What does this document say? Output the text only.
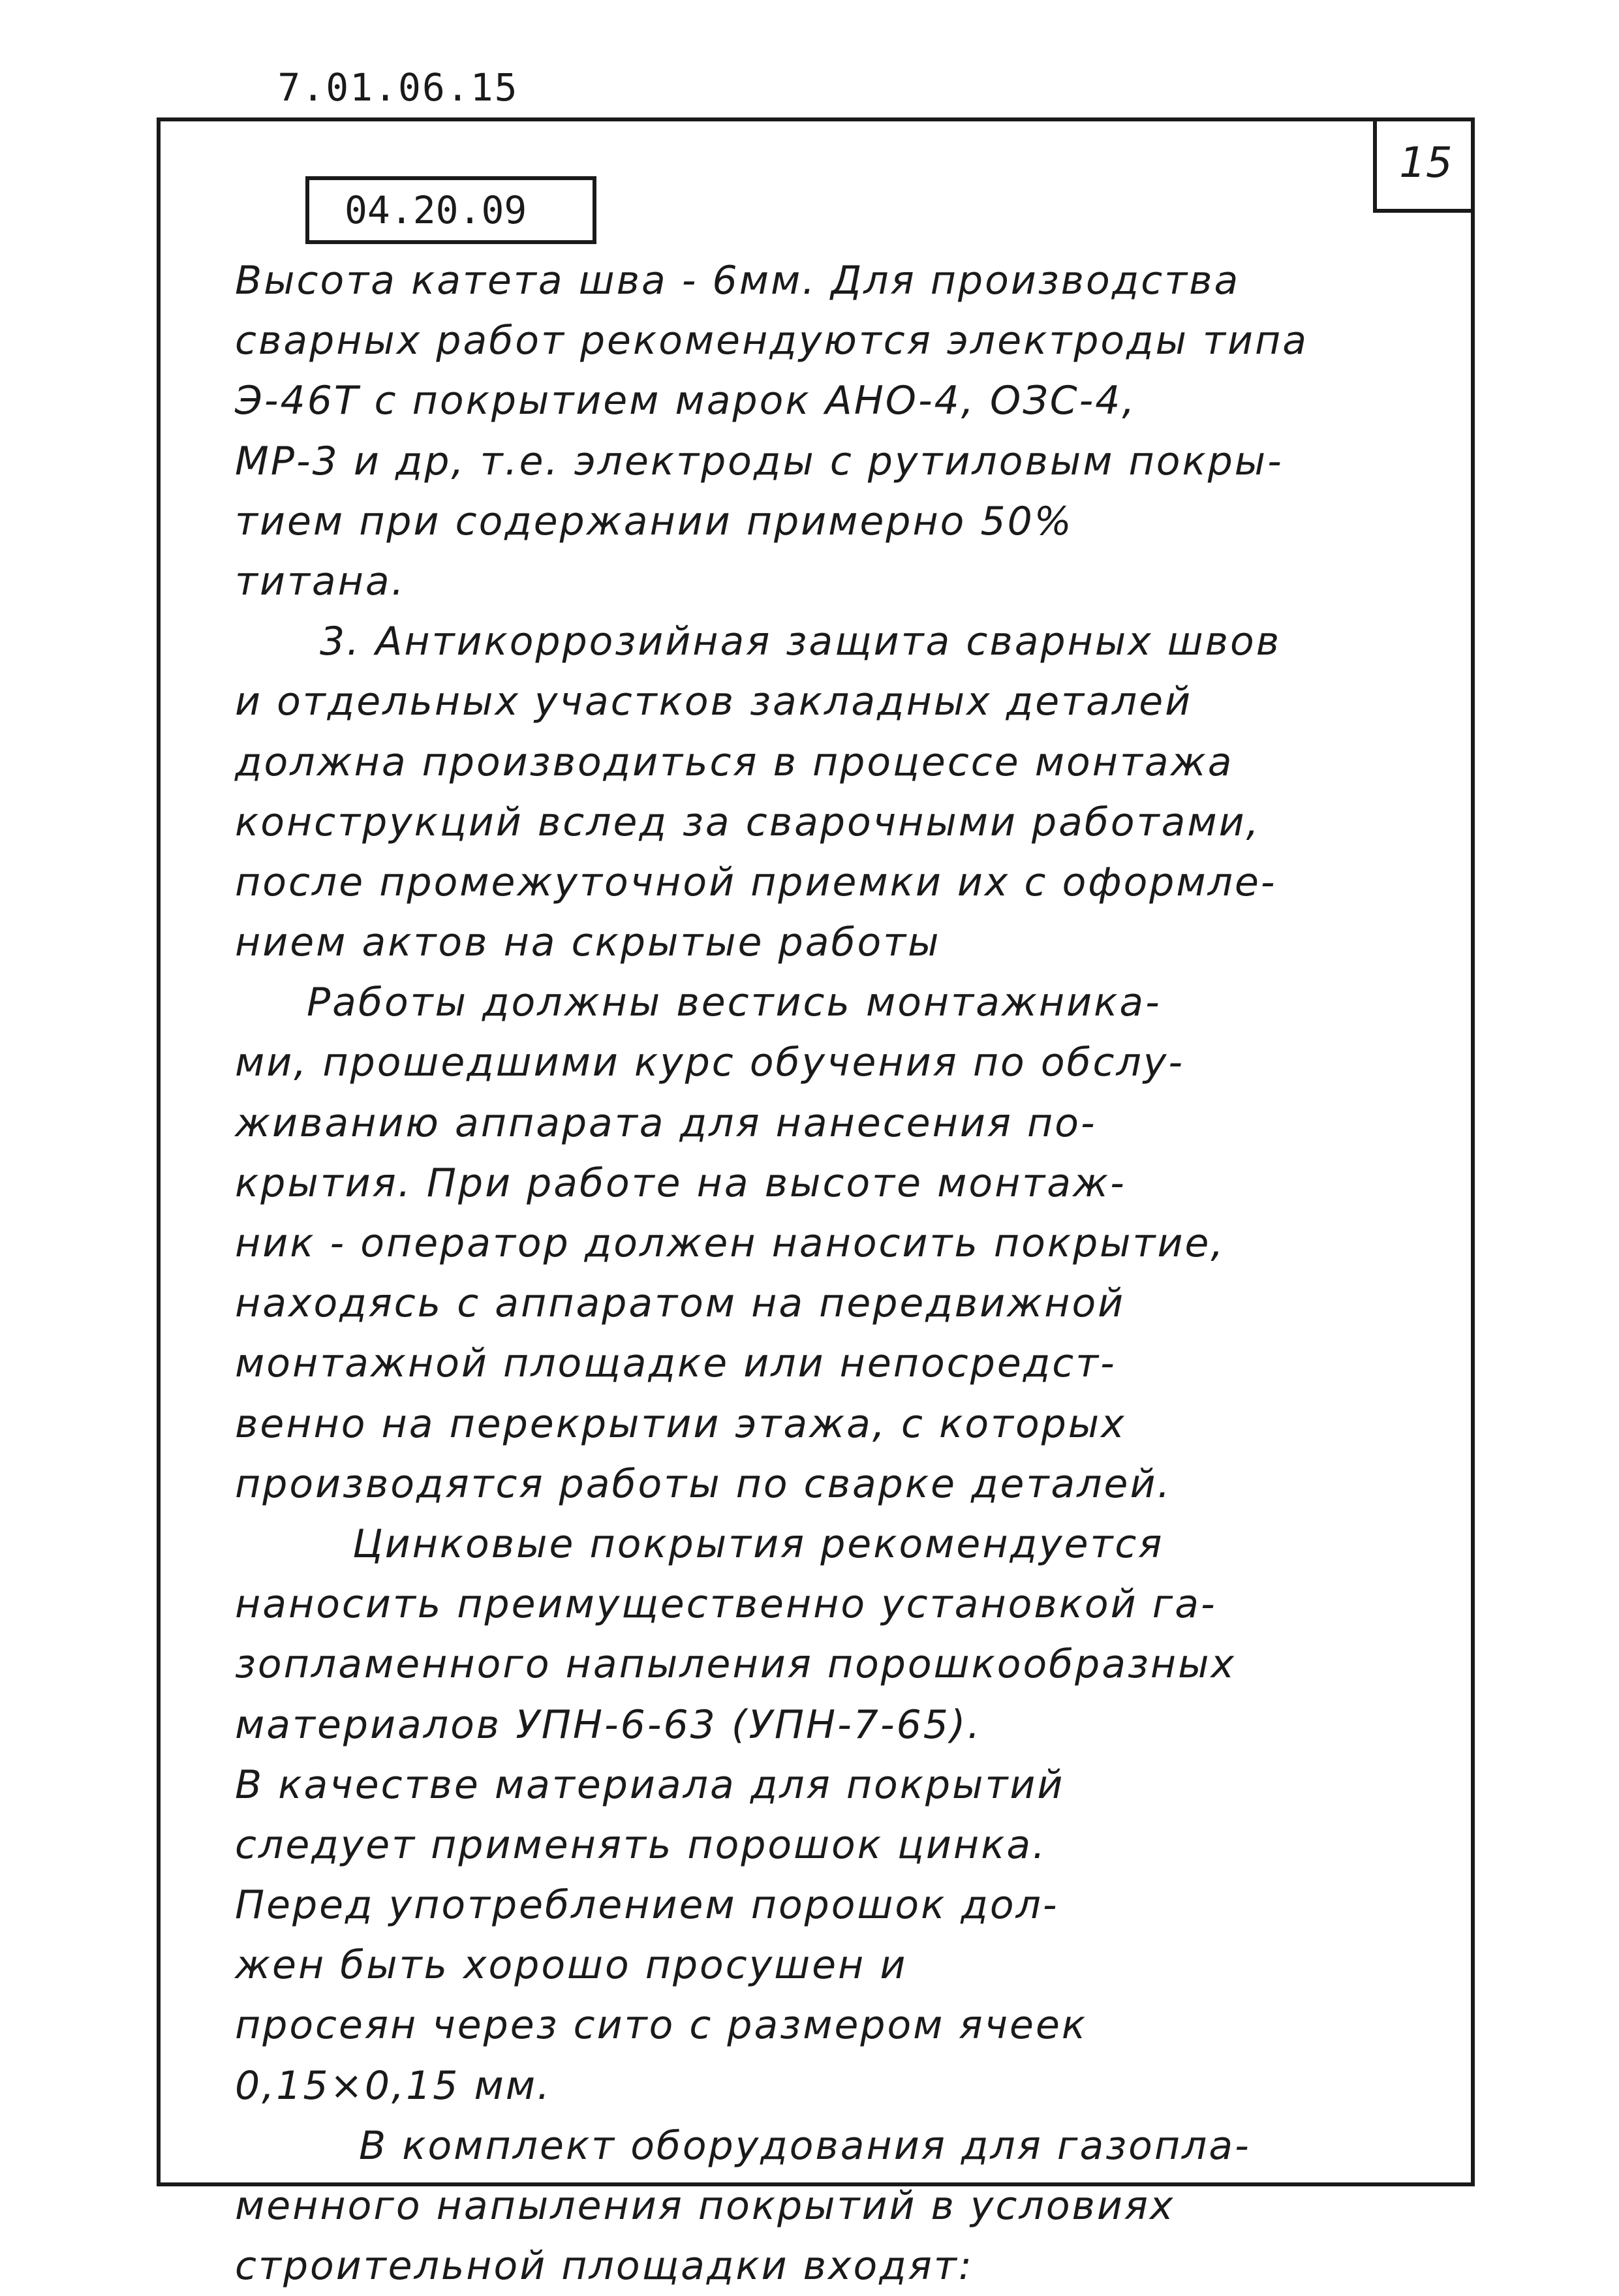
7.01.06.15
04.20.09
15
Высота катета шва - 6мм. Для производства
сварных работ рекомендуются электроды типа
Э-46Т с покрытием марок АНО-4, ОЗС-4,
МР-3 и др, т.е. электроды с рутиловым покры-
тием при содержании примерно 50%
титана.
3. Антикоррозийная защита сварных швов
и отдельных участков закладных деталей
должна производиться в процессе монтажа
конструкций вслед за сварочными работами,
после промежуточной приемки их с оформле-
нием актов на скрытые работы
Работы должны вестись монтажника-
ми, прошедшими курс обучения по обслу-
живанию аппарата для нанесения по-
крытия. При работе на высоте монтаж-
ник - оператор должен наносить покрытие,
находясь с аппаратом на передвижной
монтажной площадке или непосредст-
венно на перекрытии этажа, с которых
производятся работы по сварке деталей.
Цинковые покрытия рекомендуется
наносить преимущественно установкой га-
зопламенного напыления порошкообразных
материалов УПН-6-63 (УПН-7-65).
В качестве материала для покрытий
следует применять порошок цинка.
Перед употреблением порошок дол-
жен быть хорошо просушен и
просеян через сито с размером ячеек
0,15×0,15 мм.
В комплект оборудования для газопла-
менного напыления покрытий в условиях
строительной площадки входят:
